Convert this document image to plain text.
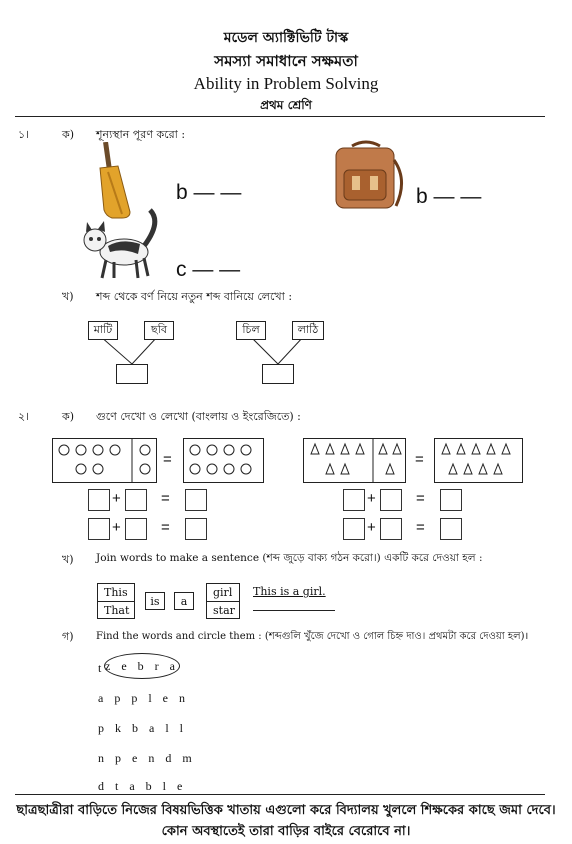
মডেল অ্যাক্টিভিটি টাস্ক
সমস্যা সমাধানে সক্ষমতা
Ability in Problem Solving
প্রথম শ্রেণি
১।	ক) শূন্যস্থান পূরণ করো :
b — —	b — —
c — —
খ) শব্দ থেকে বর্ণ নিয়ে নতুন শব্দ বানিয়ে লেখো :
মাটি	ছবি	চিল	লাঠি
২।	ক) গুণে দেখো ও লেখো (বাংলায় ও ইংরেজিতে) :
=	=
+	=
+	=
+	=
+	=
খ) Join words to make a sentence (শব্দ জুড়ে বাক্য গঠন করো।) একটি করে দেওয়া হল :
This
That
is	a
girl
star
This is a girl.
গ) Find the words and circle them : (শব্দগুলি খুঁজে দেখো ও গোল চিহ্ন দাও। প্রথমটা করে দেওয়া হল)।
t z e b r a
a p p l e n
p k b a l l
n p e n d m
d t a b l e
ছাত্রছাত্রীরা বাড়িতে নিজের বিষয়ভিত্তিক খাতায় এগুলো করে বিদ্যালয় খুললে শিক্ষকের কাছে জমা দেবে।
কোন অবস্থাতেই তারা বাড়ির বাইরে বেরোবে না।
